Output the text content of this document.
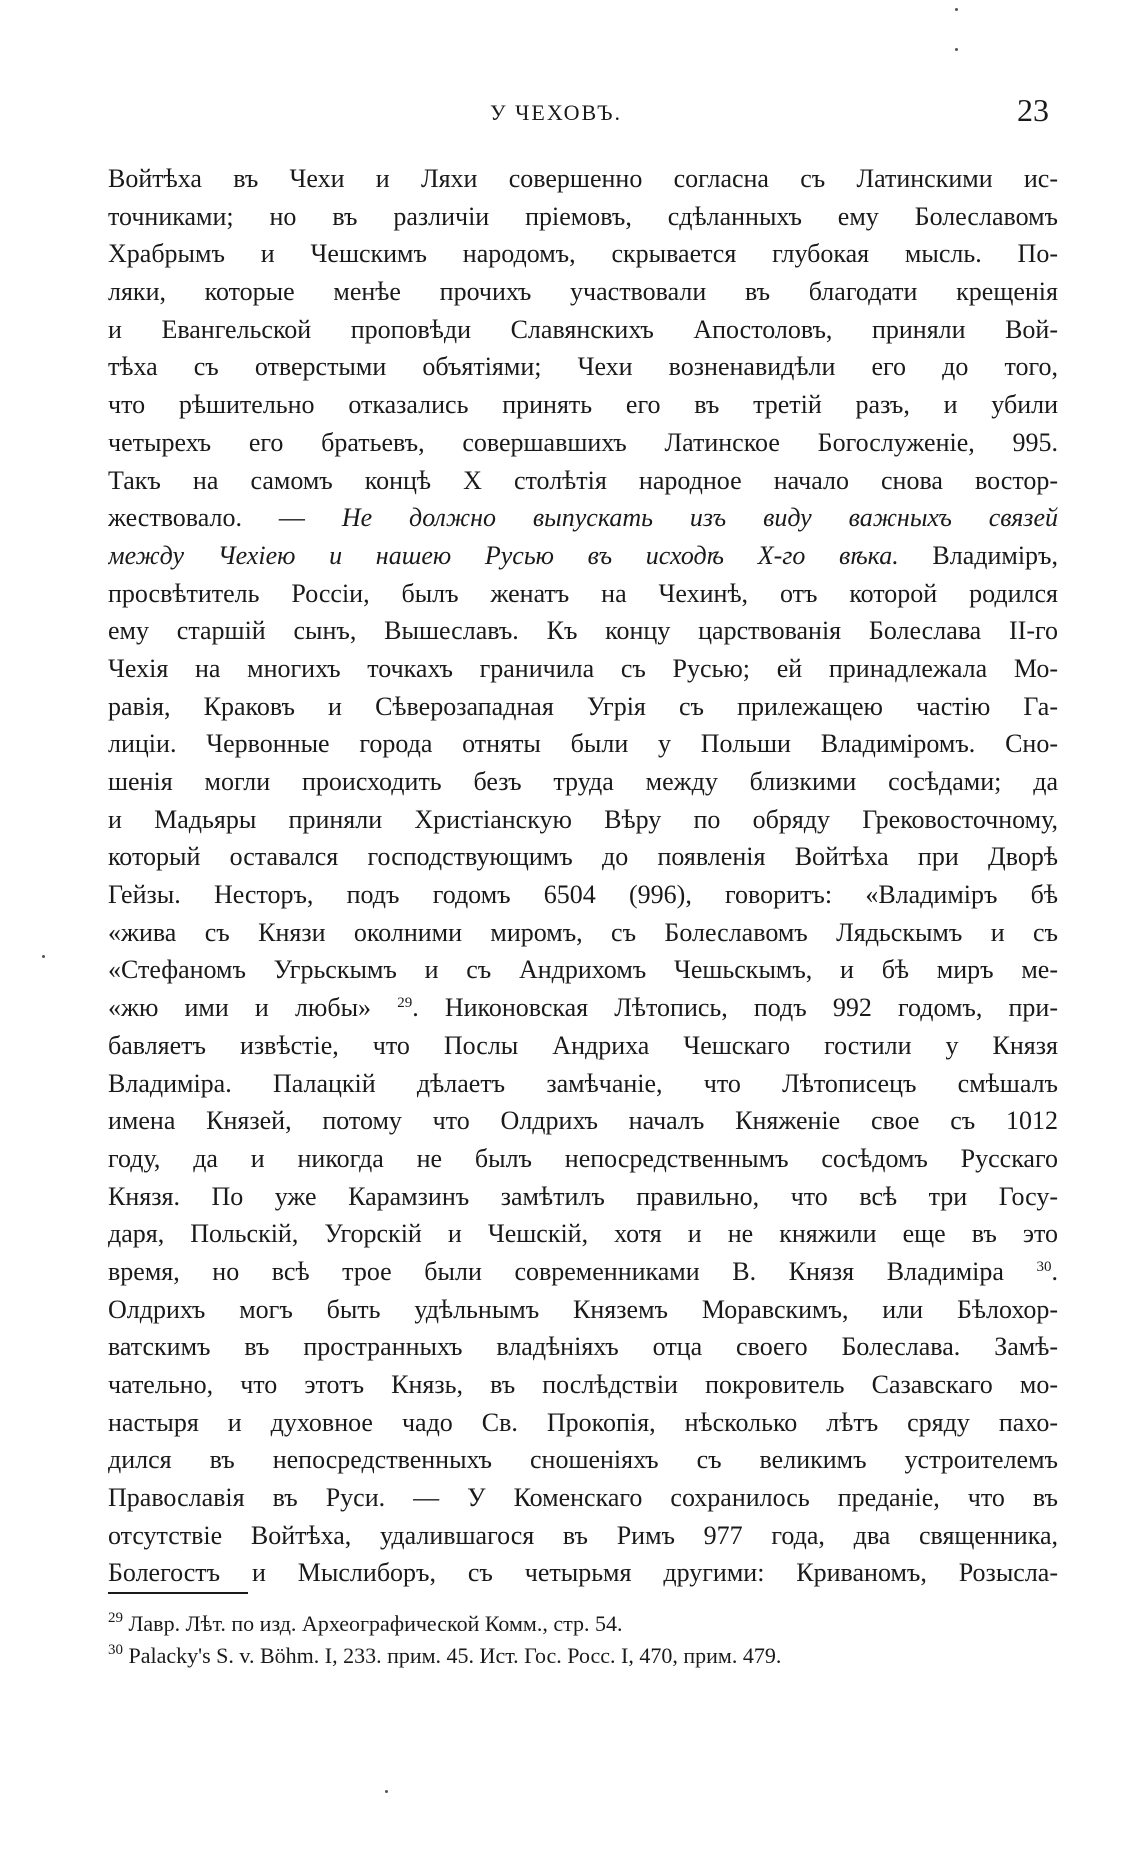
У ЧЕХОВЪ.	23
Войтѣха въ Чехи и Ляхи совершенно согласна съ Латинскими ис-
точниками; но въ различіи пріемовъ, сдѣланныхъ ему Болеславомъ
Храбрымъ и Чешскимъ народомъ, скрывается глубокая мысль. По-
ляки, которые менѣе прочихъ участвовали въ благодати крещенія
и Евангельской проповѣди Славянскихъ Апостоловъ, приняли Вой-
тѣха съ отверстыми объятіями; Чехи возненавидѣли его до того,
что рѣшительно отказались принять его въ третій разъ, и убили
четырехъ его братьевъ, совершавшихъ Латинское Богослуженіе, 995.
Такъ на самомъ концѣ Х столѣтія народное начало снова востор-
жествовало. — Не должно выпускать изъ виду важныхъ связей
между Чехіею и нашею Русью въ исходѣ Х-го вѣка. Владиміръ,
просвѣтитель Россіи, былъ женатъ на Чехинѣ, отъ которой родился
ему старшій сынъ, Вышеславъ. Къ концу царствованія Болеслава II-го
Чехія на многихъ точкахъ граничила съ Русью; ей принадлежала Мо-
равія, Краковъ и Сѣверозападная Угрія съ прилежащею частію Га-
лиціи. Червонные города отняты были у Польши Владиміромъ. Сно-
шенія могли происходить безъ труда между близкими сосѣдами; да
и Мадьяры приняли Христіанскую Вѣру по обряду Грековосточному,
который оставался господствующимъ до появленія Войтѣха при Дворѣ
Гейзы. Несторъ, подъ годомъ 6504 (996), говоритъ: «Владиміръ бѣ
«жива съ Князи околними миромъ, съ Болеславомъ Лядьскымъ и съ
«Стефаномъ Угрьскымъ и съ Андрихомъ Чешьскымъ, и бѣ миръ ме-
«жю ими и любы» $^{29}$. Никоновская Лѣтопись, подъ 992 годомъ, при-
бавляетъ извѣстіе, что Послы Андриха Чешскаго гостили у Князя
Владиміра. Палацкій дѣлаетъ замѣчаніе, что Лѣтописецъ смѣшалъ
имена Князей, потому что Олдрихъ началъ Княженіе свое съ 1012
году, да и никогда не былъ непосредственнымъ сосѣдомъ Русскаго
Князя. По уже Карамзинъ замѣтилъ правильно, что всѣ три Госу-
даря, Польскій, Угорскій и Чешскій, хотя и не княжили еще въ это
время, но всѣ трое были современниками В. Князя Владиміра $^{30}$.
Олдрихъ могъ быть удѣльнымъ Княземъ Моравскимъ, или Бѣлохор-
ватскимъ въ пространныхъ владѣніяхъ отца своего Болеслава. Замѣ-
чательно, что этотъ Князь, въ послѣдствіи покровитель Сазавскаго мо-
настыря и духовное чадо Св. Прокопія, нѣсколько лѣтъ сряду пахо-
дился въ непосредственныхъ сношеніяхъ съ великимъ устроителемъ
Православія въ Руси. — У Коменскаго сохранилось преданіе, что въ
отсутствіе Войтѣха, удалившагося въ Римъ 977 года, два священника,
Болегостъ и Мыслиборъ, съ четырьмя другими: Криваномъ, Розысла-
$^{29}$ Лавр. Лѣт. по изд. Археографической Комм., стр. 54.
$^{30}$ Palacky's S. v. Böhm. I, 233. прим. 45. Ист. Гос. Росс. I, 470, прим. 479.
